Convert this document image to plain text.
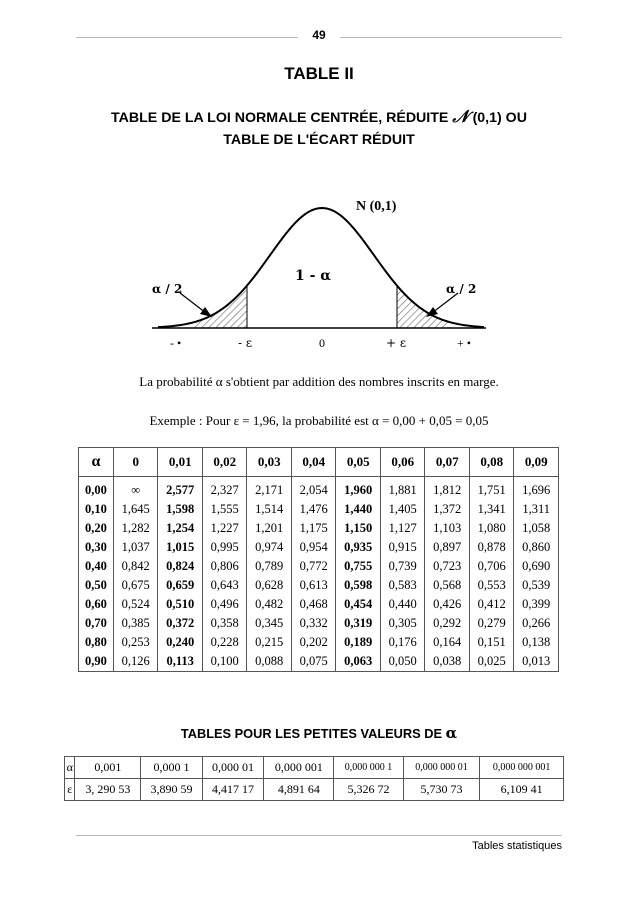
49
TABLE II
TABLE DE LA LOI NORMALE CENTRÉE, RÉDUITE 𝒩 (0,1) OU
TABLE DE L'ÉCART RÉDUIT
N (0,1)
1 - α
α / 2	α / 2
- •	- ε	0	+ ε	+ •
La probabilité α s'obtient par addition des nombres inscrits en marge.
Exemple : Pour ε = 1,96, la probabilité est α = 0,00 + 0,05 = 0,05
α	0	0,01	0,02	0,03	0,04	0,05	0,06	0,07	0,08	0,09
0,00	∞	2,577	2,327	2,171	2,054	1,960	1,881	1,812	1,751	1,696
0,10	1,645	1,598	1,555	1,514	1,476	1,440	1,405	1,372	1,341	1,311
0,20	1,282	1,254	1,227	1,201	1,175	1,150	1,127	1,103	1,080	1,058
0,30	1,037	1,015	0,995	0,974	0,954	0,935	0,915	0,897	0,878	0,860
0,40	0,842	0,824	0,806	0,789	0,772	0,755	0,739	0,723	0,706	0,690
0,50	0,675	0,659	0,643	0,628	0,613	0,598	0,583	0,568	0,553	0,539
0,60	0,524	0,510	0,496	0,482	0,468	0,454	0,440	0,426	0,412	0,399
0,70	0,385	0,372	0,358	0,345	0,332	0,319	0,305	0,292	0,279	0,266
0,80	0,253	0,240	0,228	0,215	0,202	0,189	0,176	0,164	0,151	0,138
0,90	0,126	0,113	0,100	0,088	0,075	0,063	0,050	0,038	0,025	0,013
TABLES POUR LES PETITES VALEURS DE α
α	0,001	0,000 1	0,000 01	0,000 001	0,000 000 1	0,000 000 01	0,000 000 001
ε	3, 290 53	3,890 59	4,417 17	4,891 64	5,326 72	5,730 73	6,109 41
Tables statistiques
